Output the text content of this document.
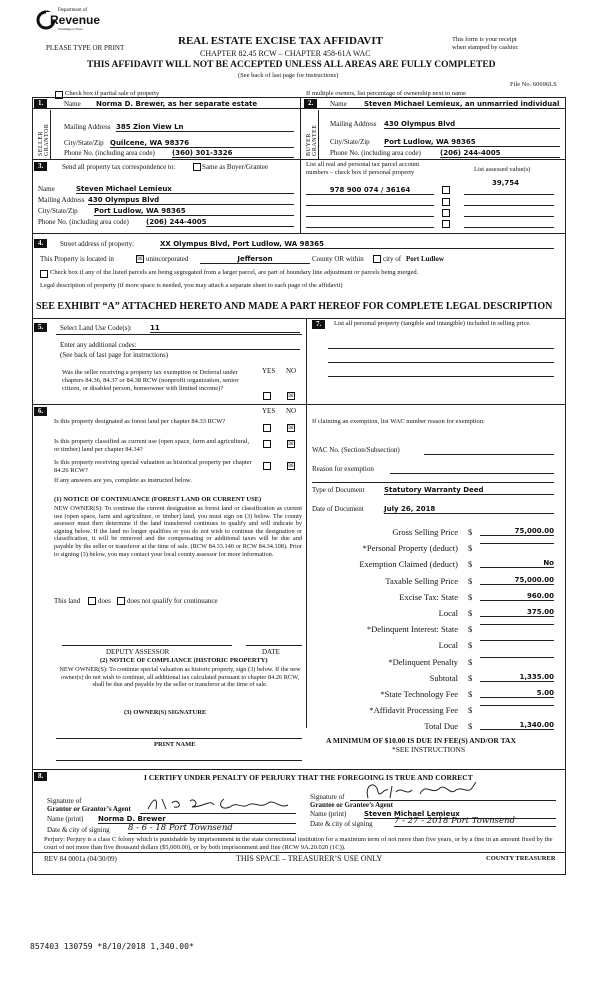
Department of
Revenue
Washington State
PLEASE TYPE OR PRINT
REAL ESTATE EXCISE TAX AFFIDAVIT
CHAPTER 82.45 RCW – CHAPTER 458-61A WAC
This form is your receipt
when stamped by cashier.
THIS AFFIDAVIT WILL NOT BE ACCEPTED UNLESS ALL AREAS ARE FULLY COMPLETED
(See back of last page for instructions)
File No. 60696LS
Check box if partial sale of property	If multiple owners, list percentage of ownership next to name
1.	Name Norma D. Brewer, as her separate estate
SELLER GRANTOR Mailing Address 385 Zion View Ln
City/State/Zip Quilcene, WA 98376
Phone No. (including area code) (360) 301-3326
2.	Name Steven Michael Lemieux, an unmarried individual
BUYER GRANTEE
Mailing Address 430 Olympus Blvd
City/State/Zip Port Ludlow, WA 98365
Phone No. (including area code)	(206) 244-4005
3.	Send all property tax correspondence to:	Same as Buyer/Grantee	List all real and personal tax parcel account
numbers – check box if personal property	List assessed value(s)
Name	Steven Michael Lemieux
Mailing Address 430 Olympus Blvd
City/State/Zip Port Ludlow, WA 98365
Phone No. (including area code) (206) 244-4005
39,754
978 900 074 / 36164
4.	Street address of property:	XX Olympus Blvd, Port Ludlow, WA 98365
This Property is located in	☒ unincorporated	Jefferson	County OR within	city of Port Ludlow
Check box if any of the listed parcels are being segregated from a larger parcel, are part of boundary line adjustment or parcels being merged.
Legal description of property (if more space is needed, you may attach a separate sheet to each page of the affidavit)
SEE EXHIBIT “A” ATTACHED HERETO AND MADE A PART HEREOF FOR COMPLETE LEGAL DESCRIPTION
5.	Select Land Use Code(s):	11
Enter any additional codes:
(See back of last page for instructions)
YES NO
Was the seller receiving a property tax exemption or Deferral under chapters 84.36, 84.37 or 84.38 RCW (nonprofit organization, senior citizen, or disabled person, homeowner with limited income)?
☒
6.	YES NO
Is this property designated as forest land per chapter 84.33 RCW?
☒
Is this property classified as current use (open space, farm and agricultural, or timber) land per chapter 84.34?
☒
Is this property receiving special valuation as historical property per chapter 84.26 RCW?
☒
If any answers are yes, complete as instructed below.
(1) NOTICE OF CONTINUANCE (FOREST LAND OR CURRENT USE)
NEW OWNER(S): To continue the current designation as forest land or classification as current use (open space, farm and agriculture, or timber) land, you must sign on (3) below. The county assessor must then determine if the land transferred continues to qualify and will indicate by signing below. If the land no longer qualifies or you do not wish to continue the designation or classification, it will be removed and the compensating or additional taxes will be due and payable by the seller or transferor at the time of sale. (RCW 84.33.140 or RCW 84.34.108). Prior to signing (3) below, you may contact your local county assessor for more information.
This land	does does not qualify for continuance
DEPUTY ASSESSOR	DATE
(2) NOTICE OF COMPLIANCE (HISTORIC PROPERTY)
NEW OWNER(S): To continue special valuation as historic property, sign (3) below. If the new owner(s) do not wish to continue, all additional tax calculated pursuant to chapter 84.26 RCW, shall be due and payable by the seller or transferor at the time of sale.
(3) OWNER(S) SIGNATURE
PRINT NAME
7.	List all personal property (tangible and intangible) included in selling price.
If claiming an exemption, list WAC number reason for exemption:
WAC No. (Section/Subsection)
Reason for exemption
Type of Document	Statutory Warranty Deed
Date of Document	July 26, 2018
Gross Selling Price $	75,000.00
*Personal Property (deduct) $
Exemption Claimed (deduct) $	No
Taxable Selling Price $	75,000.00
Excise Tax: State $	960.00
Local $	375.00
*Delinquent Interest: State $
Local $
*Delinquent Penalty $
Subtotal $	1,335.00
*State Technology Fee $	5.00
*Affidavit Processing Fee $
Total Due $	1,340.00
A MINIMUM OF $10.00 IS DUE IN FEE(S) AND/OR TAX
*SEE INSTRUCTIONS
8.	I CERTIFY UNDER PENALTY OF PERJURY THAT THE FOREGOING IS TRUE AND CORRECT
Signature of
Grantor or Grantor’s Agent
Name (print) Norma D. Brewer
Date & city of signing 8 - 6 - 18 Port Townsend
Signature of
Grantee or Grantee’s Agent
Name (print)	Steven Michael Lemieux
Date & city of signing	7 - 27 - 2018 Port Townsend
Perjury: Perjury is a class C felony which is punishable by imprisonment in the state correctional institution for a maximum term of not more than five years, or by a fine in an amount fixed by the court of not more than five thousand dollars ($5,000.00), or by both imprisonment and fine (RCW 9A.20.020 (1C)).
REV 84 0001a (04/30/09)	THIS SPACE – TREASURER’S USE ONLY	COUNTY TREASURER
857403 130759 *8/10/2018 1,340.00*
